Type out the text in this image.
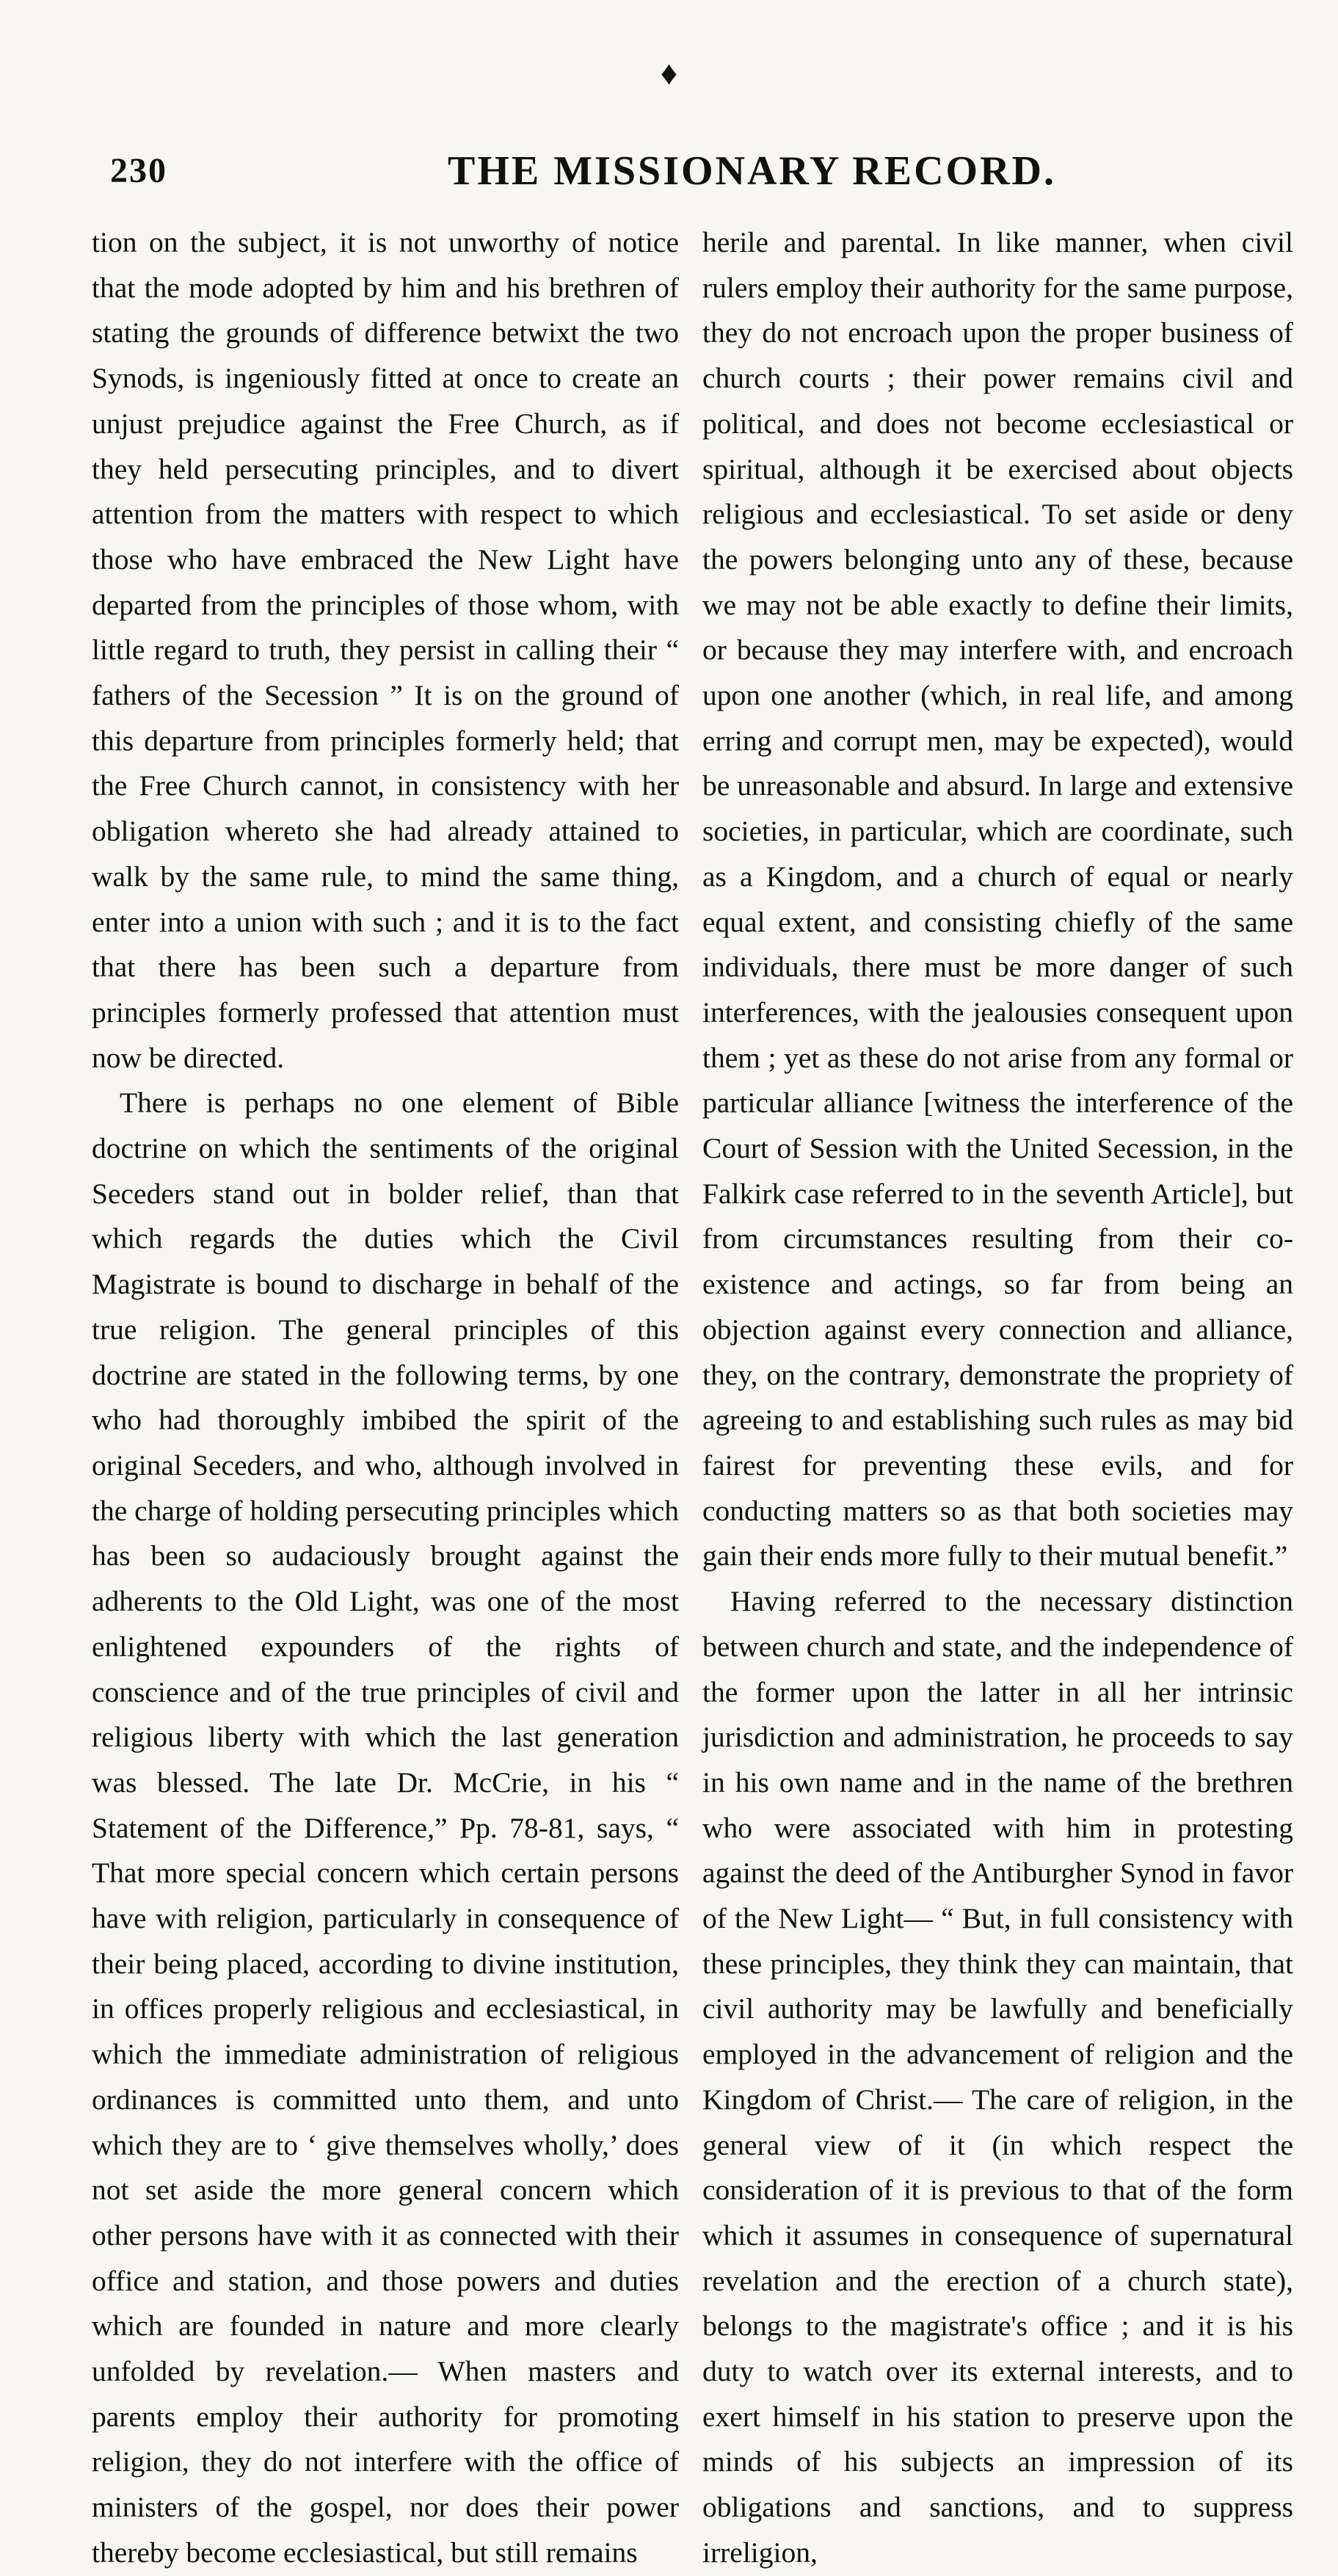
♦
230	THE MISSIONARY RECORD.

tion on the subject, it is not unworthy of notice that the mode adopted by him and his brethren of stating the grounds of difference betwixt the two Synods, is ingeniously fitted at once to create an unjust prejudice against the Free Church, as if they held persecuting principles, and to divert attention from the matters with respect to which those who have embraced the New Light have departed from the principles of those whom, with little regard to truth, they persist in calling their “ fathers of the Secession ” It is on the ground of this departure from principles formerly held; that the Free Church cannot, in consistency with her obligation whereto she had already attained to walk by the same rule, to mind the same thing, enter into a union with such ; and it is to the fact that there has been such a departure from principles formerly professed that attention must now be directed.

There is perhaps no one element of Bible doctrine on which the sentiments of the original Seceders stand out in bolder relief, than that which regards the duties which the Civil Magistrate is bound to discharge in behalf of the true religion. The general principles of this doctrine are stated in the following terms, by one who had thoroughly imbibed the spirit of the original Seceders, and who, although involved in the charge of holding persecuting principles which has been so audaciously brought against the adherents to the Old Light, was one of the most enlightened expounders of the rights of conscience and of the true principles of civil and religious liberty with which the last generation was blessed. The late Dr. McCrie, in his “ Statement of the Difference,” Pp. 78-81, says, “ That more special concern which certain persons have with religion, particularly in consequence of their being placed, according to divine institution, in offices properly religious and ecclesiastical, in which the immediate administration of religious ordinances is committed unto them, and unto which they are to ‘ give themselves wholly,’ does not set aside the more general concern which other persons have with it as connected with their office and station, and those powers and duties which are founded in nature and more clearly unfolded by revelation.— When masters and parents employ their authority for promoting religion, they do not interfere with the office of ministers of the gospel, nor does their power thereby become ecclesiastical, but still remains

herile and parental. In like manner, when civil rulers employ their authority for the same purpose, they do not encroach upon the proper business of church courts ; their power remains civil and political, and does not become ecclesiastical or spiritual, although it be exercised about objects religious and ecclesiastical. To set aside or deny the powers belonging unto any of these, because we may not be able exactly to define their limits, or because they may interfere with, and encroach upon one another (which, in real life, and among erring and corrupt men, may be expected), would be unreasonable and absurd. In large and extensive societies, in particular, which are coordinate, such as a Kingdom, and a church of equal or nearly equal extent, and consisting chiefly of the same individuals, there must be more danger of such interferences, with the jealousies consequent upon them ; yet as these do not arise from any formal or particular alliance [witness the interference of the Court of Session with the United Secession, in the Falkirk case referred to in the seventh Article], but from circumstances resulting from their co-existence and actings, so far from being an objection against every connection and alliance, they, on the contrary, demonstrate the propriety of agreeing to and establishing such rules as may bid fairest for preventing these evils, and for conducting matters so as that both societies may gain their ends more fully to their mutual benefit.”

Having referred to the necessary distinction between church and state, and the independence of the former upon the latter in all her intrinsic jurisdiction and administration, he proceeds to say in his own name and in the name of the brethren who were associated with him in protesting against the deed of the Antiburgher Synod in favor of the New Light— “ But, in full consistency with these principles, they think they can maintain, that civil authority may be lawfully and beneficially employed in the advancement of religion and the Kingdom of Christ.— The care of religion, in the general view of it (in which respect the consideration of it is previous to that of the form which it assumes in consequence of supernatural revelation and the erection of a church state), belongs to the magistrate's office ; and it is his duty to watch over its external interests, and to exert himself in his station to preserve upon the minds of his subjects an impression of its obligations and sanctions, and to suppress irreligion,
